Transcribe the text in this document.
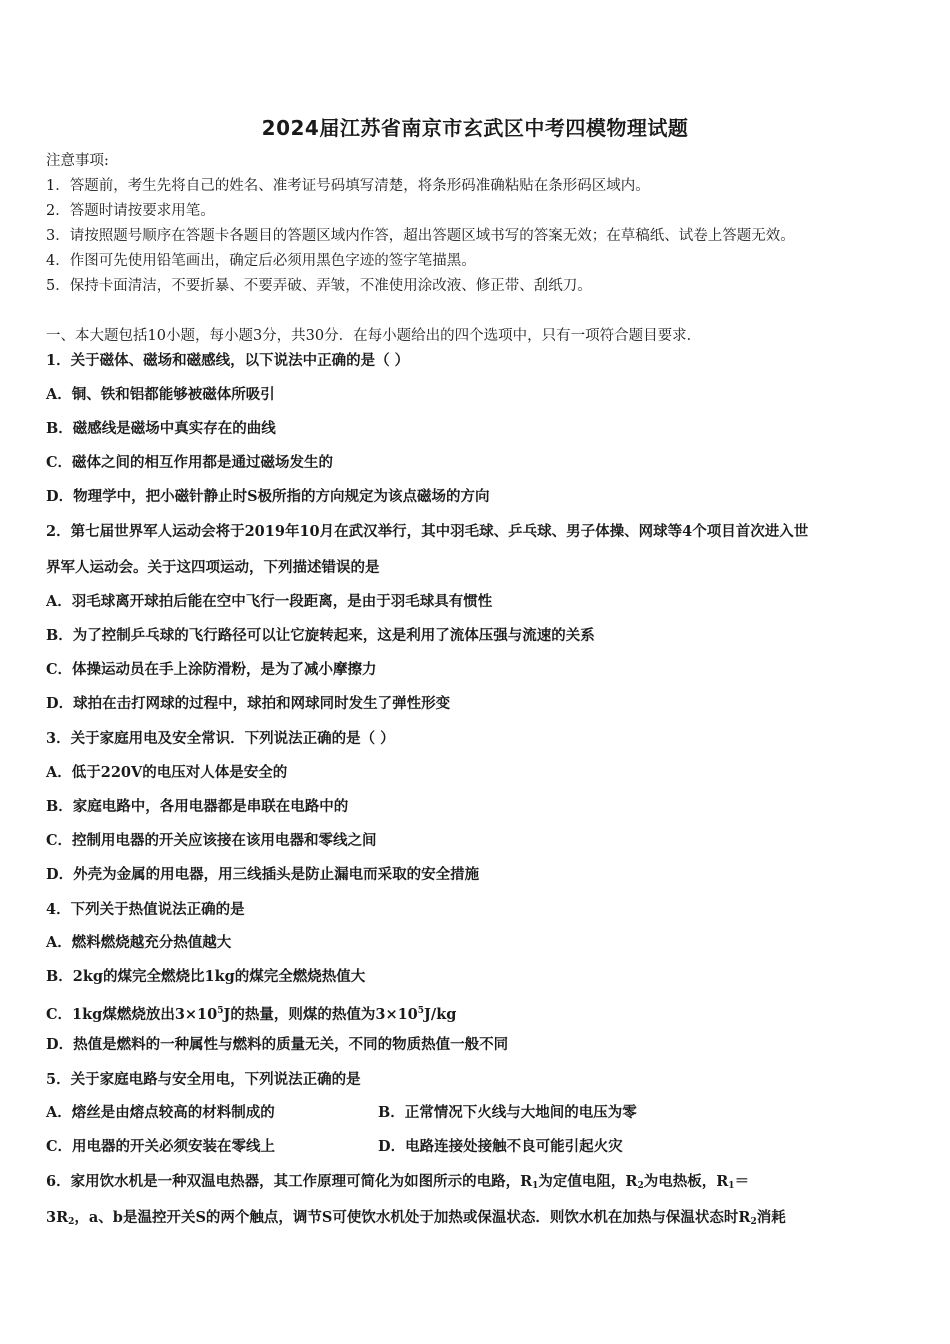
2024届江苏省南京市玄武区中考四模物理试题
注意事项:
1．答题前，考生先将自己的姓名、准考证号码填写清楚，将条形码准确粘贴在条形码区域内。
2．答题时请按要求用笔。
3．请按照题号顺序在答题卡各题目的答题区域内作答，超出答题区域书写的答案无效；在草稿纸、试卷上答题无效。
4．作图可先使用铅笔画出，确定后必须用黑色字迹的签字笔描黑。
5．保持卡面清洁，不要折暴、不要弄破、弄皱，不准使用涂改液、修正带、刮纸刀。
一、本大题包括10小题，每小题3分，共30分．在每小题给出的四个选项中，只有一项符合题目要求．
1．关于磁体、磁场和磁感线，以下说法中正确的是（ ）
A．铜、铁和铝都能够被磁体所吸引
B．磁感线是磁场中真实存在的曲线
C．磁体之间的相互作用都是通过磁场发生的
D．物理学中，把小磁针静止时S极所指的方向规定为该点磁场的方向
2．第七届世界军人运动会将于2019年10月在武汉举行，其中羽毛球、乒乓球、男子体操、网球等4个项目首次进入世
界军人运动会。关于这四项运动，下列描述错误的是
A．羽毛球离开球拍后能在空中飞行一段距离，是由于羽毛球具有惯性
B．为了控制乒乓球的飞行路径可以让它旋转起来，这是利用了流体压强与流速的关系
C．体操运动员在手上涂防滑粉，是为了减小摩擦力
D．球拍在击打网球的过程中，球拍和网球同时发生了弹性形变
3．关于家庭用电及安全常识．下列说法正确的是（ ）
A．低于220V的电压对人体是安全的
B．家庭电路中，各用电器都是串联在电路中的
C．控制用电器的开关应该接在该用电器和零线之间
D．外壳为金属的用电器，用三线插头是防止漏电而采取的安全措施
4．下列关于热值说法正确的是
A．燃料燃烧越充分热值越大
B．2kg的煤完全燃烧比1kg的煤完全燃烧热值大
C．1kg煤燃烧放出$3\times 10^5J$的热量，则煤的热值为$3\times 10^5J/kg$
D．热值是燃料的一种属性与燃料的质量无关，不同的物质热值一般不同
5．关于家庭电路与安全用电，下列说法正确的是
A．熔丝是由熔点较高的材料制成的	B．正常情况下火线与大地间的电压为零
C．用电器的开关必须安装在零线上	D．电路连接处接触不良可能引起火灾
6．家用饮水机是一种双温电热器，其工作原理可简化为如图所示的电路，$R_1$为定值电阻，$R_2$为电热板，$R_1=$
$3R_2$，a、b是温控开关S的两个触点，调节S可使饮水机处于加热或保温状态．则饮水机在加热与保温状态时$R_2$消耗
